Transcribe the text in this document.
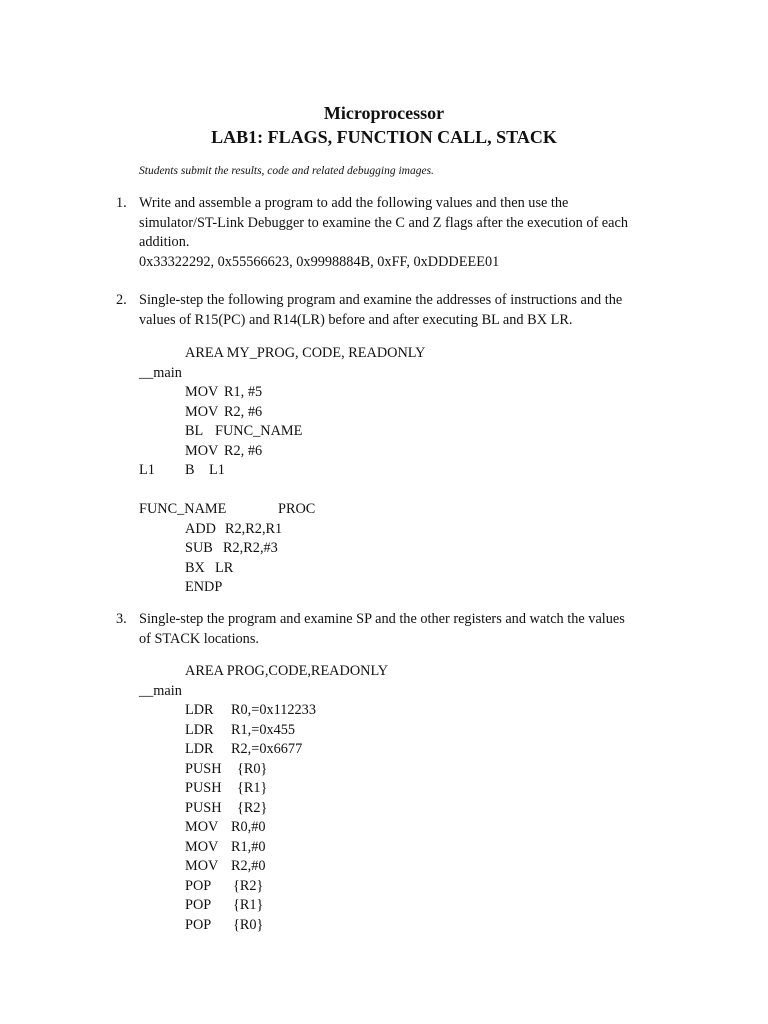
Microprocessor
LAB1: FLAGS, FUNCTION CALL, STACK
Students submit the results, code and related debugging images.
1. Write and assemble a program to add the following values and then use the
simulator/ST-Link Debugger to examine the C and Z flags after the execution of each
addition.
0x33322292, 0x55566623, 0x9998884B, 0xFF, 0xDDDEEE01
2. Single-step the following program and examine the addresses of instructions and the
values of R15(PC) and R14(LR) before and after executing BL and BX LR.
AREA MY_PROG, CODE, READONLY
__main
MOV R1, #5
MOV R2, #6
BL FUNC_NAME
MOV R2, #6
L1 B L1
FUNC_NAME	PROC
ADD R2,R2,R1
SUB R2,R2,#3
BX LR
ENDP
3. Single-step the program and examine SP and the other registers and watch the values
of STACK locations.
AREA PROG,CODE,READONLY
__main
LDR R0,=0x112233
LDR R1,=0x455
LDR R2,=0x6677
PUSH {R0}
PUSH {R1}
PUSH {R2}
MOV R0,#0
MOV R1,#0
MOV R2,#0
POP {R2}
POP {R1}
POP {R0}
